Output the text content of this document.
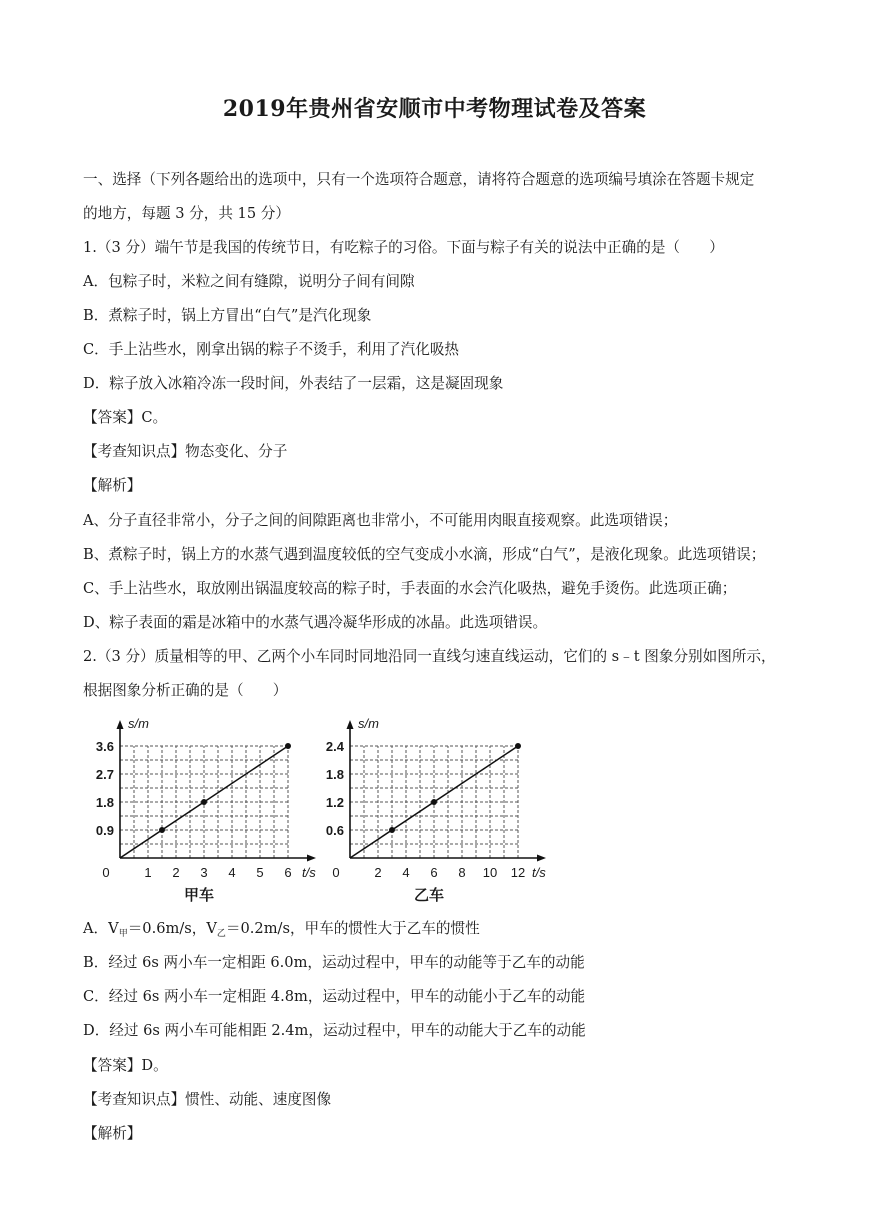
2019年贵州省安顺市中考物理试卷及答案
一、选择（下列各题给出的选项中，只有一个选项符合题意，请将符合题意的选项编号填涂在答题卡规定
的地方，每题 3 分，共 15 分）
1.（3 分）端午节是我国的传统节日，有吃粽子的习俗。下面与粽子有关的说法中正确的是（　　）
A．包粽子时，米粒之间有缝隙，说明分子间有间隙
B．煮粽子时，锅上方冒出“白气”是汽化现象
C．手上沾些水，刚拿出锅的粽子不烫手，利用了汽化吸热
D．粽子放入冰箱冷冻一段时间，外表结了一层霜，这是凝固现象
【答案】C。
【考查知识点】物态变化、分子
【解析】
A、分子直径非常小，分子之间的间隙距离也非常小，不可能用肉眼直接观察。此选项错误；
B、煮粽子时，锅上方的水蒸气遇到温度较低的空气变成小水滴，形成“白气”，是液化现象。此选项错误；
C、手上沾些水，取放刚出锅温度较高的粽子时，手表面的水会汽化吸热，避免手烫伤。此选项正确；
D、粽子表面的霜是冰箱中的水蒸气遇冷凝华形成的冰晶。此选项错误。
2.（3 分）质量相等的甲、乙两个小车同时同地沿同一直线匀速直线运动，它们的 s﹣t 图象分别如图所示，
根据图象分析正确的是（　　）
s/m
t/s
0	1 2 3 4 5 6
0.9
1.8
2.7
3.6
甲车
s/m
t/s
0	2 4 6 8 10 12
0.6
1.2
1.8
2.4
乙车
A．$V_甲=0.6m/s$，$V_乙=0.2m/s$，甲车的惯性大于乙车的惯性
B．经过 6s 两小车一定相距 6.0m，运动过程中，甲车的动能等于乙车的动能
C．经过 6s 两小车一定相距 4.8m，运动过程中，甲车的动能小于乙车的动能
D．经过 6s 两小车可能相距 2.4m，运动过程中，甲车的动能大于乙车的动能
【答案】D。
【考查知识点】惯性、动能、速度图像
【解析】
